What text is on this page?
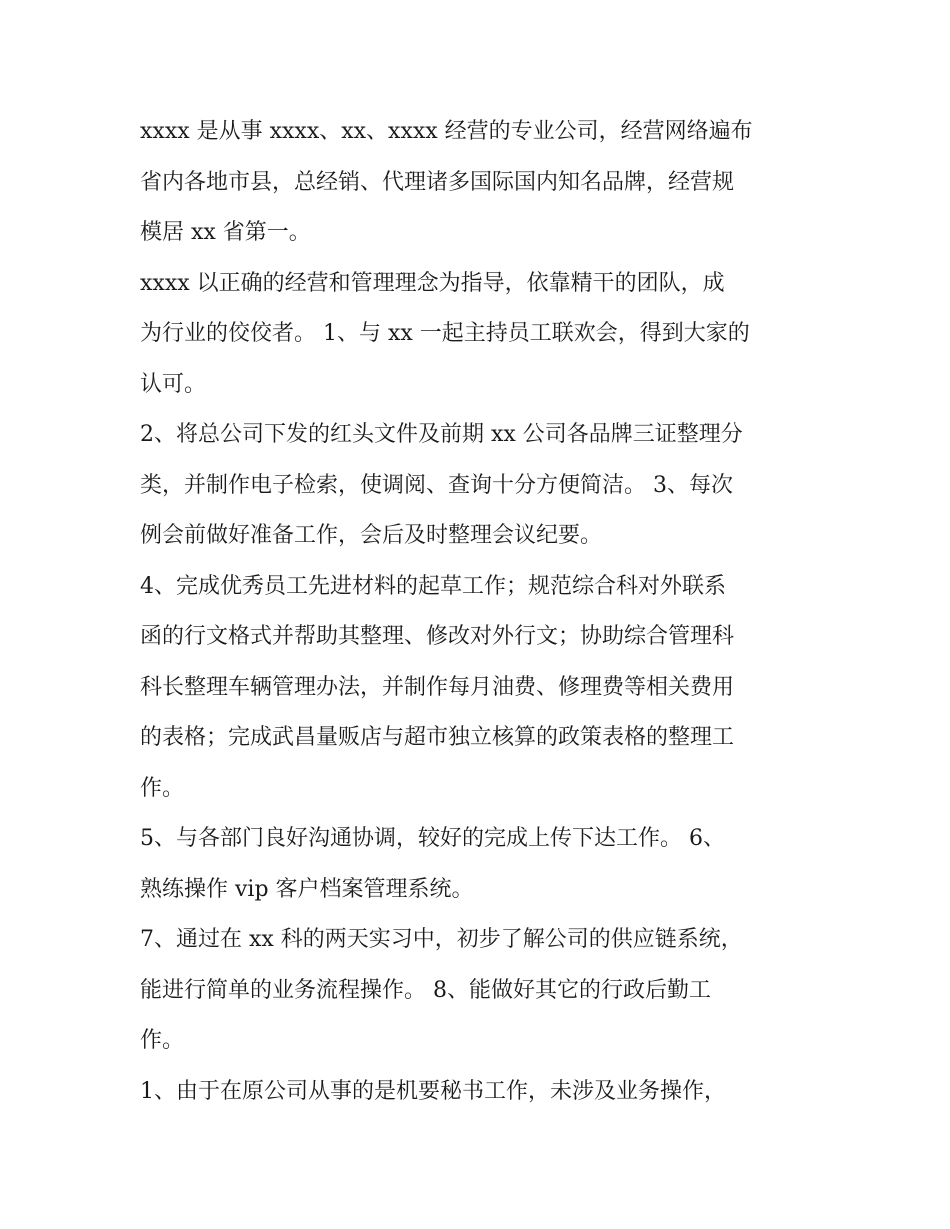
xxxx 是从事 xxxx、xx、xxxx 经营的专业公司，经营网络遍布
省内各地市县，总经销、代理诸多国际国内知名品牌，经营规
模居 xx 省第一。
xxxx 以正确的经营和管理理念为指导，依靠精干的团队，成
为行业的佼佼者。 1、与 xx 一起主持员工联欢会，得到大家的
认可。
2、将总公司下发的红头文件及前期 xx 公司各品牌三证整理分
类，并制作电子检索，使调阅、查询十分方便简洁。 3、每次
例会前做好准备工作，会后及时整理会议纪要。
4、完成优秀员工先进材料的起草工作；规范综合科对外联系
函的行文格式并帮助其整理、修改对外行文；协助综合管理科
科长整理车辆管理办法，并制作每月油费、修理费等相关费用
的表格；完成武昌量贩店与超市独立核算的政策表格的整理工
作。
5、与各部门良好沟通协调，较好的完成上传下达工作。 6、
熟练操作 vip 客户档案管理系统。
7、通过在 xx 科的两天实习中，初步了解公司的供应链系统，
能进行简单的业务流程操作。 8、能做好其它的行政后勤工
作。
1、由于在原公司从事的是机要秘书工作，未涉及业务操作，
